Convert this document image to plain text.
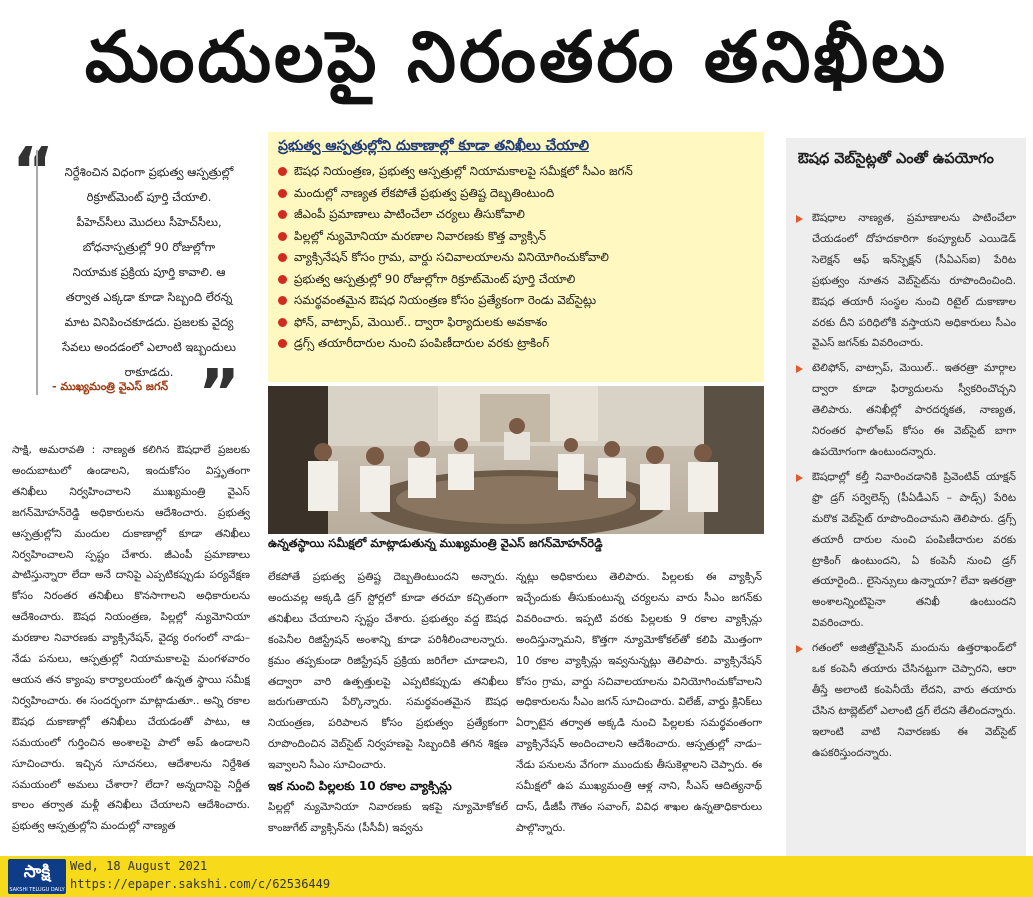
మందులపై నిరంతరం తనిఖీలు
“ నిర్దేశించిన విధంగా ప్రభుత్వ ఆస్పత్రుల్లో రిక్రూట్‌మెంట్‌ పూర్తి చేయాలి. పీహెచ్‌సీలు మొదలు సీహెచ్‌సీలు, బోధనాస్పత్రుల్లో 90 రోజుల్లోగా నియామక ప్రక్రియ పూర్తి కావాలి. ఆ తర్వాత ఎక్కడా కూడా సిబ్బంది లేరన్న మాట వినిపించకూడదు. ప్రజలకు వైద్య సేవలు అందడంలో ఎలాంటి ఇబ్బందులు రాకూడదు.
- ముఖ్యమంత్రి వైఎస్‌ జగన్‌ ”
సాక్షి, అమరావతి : నాణ్యత కలిగిన ఔషధాలే ప్రజలకు అందుబాటులో ఉండాలని, ఇందుకోసం విస్తృతంగా తనిఖీలు నిర్వహించాలని ముఖ్యమంత్రి వైఎస్‌ జగన్‌మోహన్‌రెడ్డి అధికారులను ఆదేశించారు. ప్రభుత్వ ఆస్పత్రుల్లోని మందుల దుకాణాల్లో కూడా తనిఖీలు నిర్వహించాలని స్పష్టం చేశారు. జీఎంపీ ప్రమాణాలు పాటిస్తున్నారా లేదా అనే దానిపై ఎప్పటికప్పుడు పర్యవేక్షణ కోసం నిరంతర తనిఖీలు కొనసాగాలని అధికారులను ఆదేశించారు. ఔషధ నియంత్రణ, పిల్లల్లో న్యుమోనియా మరణాల నివారణకు వ్యాక్సినేషన్‌, వైద్య రంగంలో నాడు–నేడు పనులు, ఆస్పత్రుల్లో నియామకాలపై మంగళవారం ఆయన తన క్యాంపు కార్యాలయంలో ఉన్నత స్థాయి సమీక్ష నిర్వహించారు. ఈ సందర్భంగా మాట్లాడుతూ.. అన్ని రకాల ఔషధ దుకాణాల్లో తనిఖీలు చేయడంతో పాటు, ఆ సమయంలో గుర్తించిన అంశాలపై పాలో అప్‌ ఉండాలని సూచించారు. ఇచ్చిన సూచనలు, ఆదేశాలను నిర్దేశిత సమయంలో అమలు చేశారా? లేదా? అన్నదానిపై నిర్ణీత కాలం తర్వాత మళ్లీ తనిఖీలు చేయాలని ఆదేశించారు. ప్రభుత్వ ఆస్పత్రుల్లోని మందుల్లో నాణ్యత
ప్రభుత్వ ఆస్పత్రుల్లోని దుకాణాల్లో కూడా తనిఖీలు చేయాలి
ఔషధ నియంత్రణ, ప్రభుత్వ ఆస్పత్రుల్లో నియామకాలపై సమీక్షలో సీఎం జగన్‌
మందుల్లో నాణ్యత లేకపోతే ప్రభుత్వ ప్రతిష్ట దెబ్బతింటుంది
జీఎంపీ ప్రమాణాలు పాటించేలా చర్యలు తీసుకోవాలి
పిల్లల్లో న్యుమోనియా మరణాల నివారణకు కొత్త వ్యాక్సిన్‌
వ్యాక్సినేషన్‌ కోసం గ్రామ, వార్డు సచివాలయాలను వినియోగించుకోవాలి
ప్రభుత్వ ఆస్పత్రుల్లో 90 రోజుల్లోగా రిక్రూట్‌మెంట్‌ పూర్తి చేయాలి
సమర్థవంతమైన ఔషధ నియంత్రణ కోసం ప్రత్యేకంగా రెండు వెబ్‌సైట్లు
ఫోన్‌, వాట్సాప్‌, మెయిల్‌.. ద్వారా ఫిర్యాదులకు అవకాశం
డ్రగ్స్‌ తయారీదారుల నుంచి పంపిణీదారుల వరకు ట్రాకింగ్‌
ఉన్నతస్థాయి సమీక్షలో మాట్లాడుతున్న ముఖ్యమంత్రి వైఎస్‌ జగన్‌మోహన్‌రెడ్డి
లేకపోతే ప్రభుత్వ ప్రతిష్ట దెబ్బతింటుందని అన్నారు. అందువల్ల అక్కడి డ్రగ్‌ స్టోర్లలో కూడా తరచూ కచ్చితంగా తనిఖీలు చేయాలని స్పష్టం చేశారు. ప్రభుత్వం వద్ద ఔషధ కంపెనీల రిజిస్ట్రేషన్‌ అంశాన్ని కూడా పరిశీలించాలన్నారు. క్రమం తప్పకుండా రిజిస్ట్రేషన్‌ ప్రక్రియ జరిగేలా చూడాలని, తద్వారా వారి ఉత్పత్తులపై ఎప్పటికప్పుడు తనిఖీలు జరుగుతాయని పేర్కొన్నారు. సమర్థవంతమైన ఔషధ నియంత్రణ, పరిపాలన కోసం ప్రభుత్వం ప్రత్యేకంగా రూపొందించిన వెబ్‌సైట్‌ నిర్వహణపై సిబ్బందికి తగిన శిక్షణ ఇవ్వాలని సీఎం సూచించారు.
ఇక నుంచి పిల్లలకు 10 రకాల వ్యాక్సిన్లు
పిల్లల్లో న్యుమోనియా నివారణకు ఇకపై న్యూమోకోకల్‌ కాంజుగేట్‌ వ్యాక్సిన్‌ను (పీసీవీ) ఇవ్వను
న్నట్లు అధికారులు తెలిపారు. పిల్లలకు ఈ వ్యాక్సిన్‌ ఇచ్చేందుకు తీసుకుంటున్న చర్యలను వారు సీఎం జగన్‌కు వివరించారు. ఇప్పటి వరకు పిల్లలకు 9 రకాల వ్యాక్సిన్లు అందిస్తున్నామని, కొత్తగా న్యూమోకోకల్‌తో కలిపి మొత్తంగా 10 రకాల వ్యాక్సిన్లు ఇవ్వనున్నట్లు తెలిపారు. వ్యాక్సినేషన్‌ కోసం గ్రామ, వార్డు సచివాలయాలను వినియోగించుకోవాలని అధికారులను సీఎం జగన్‌ సూచించారు. విలేజ్‌, వార్డు క్లినిక్‌లు ఏర్పాటైన తర్వాత అక్కడి నుంచి పిల్లలకు సమర్థవంతంగా వ్యాక్సినేషన్‌ అందించాలని ఆదేశించారు. ఆస్పత్రుల్లో నాడు–నేడు పనులను వేగంగా ముందుకు తీసుకెళ్లాలని చెప్పారు. ఈ సమీక్షలో ఉప ముఖ్యమంత్రి ఆళ్ల నాని, సీఎస్‌ ఆదిత్యనాథ్‌ దాస్‌, డీజీపీ గౌతం సవాంగ్‌, వివిధ శాఖల ఉన్నతాధికారులు పాల్గొన్నారు.
ఔషధ వెబ్‌సైట్లతో ఎంతో ఉపయోగం
ఔషధాల నాణ్యత, ప్రమాణాలను పాటించేలా చేయడంలో దోహదకారిగా కంప్యూటర్‌ ఎయిడెడ్‌ సెలెక్షన్‌ ఆఫ్‌ ఇన్‌స్పెక్షన్‌ (సీఏఎస్‌ఐ) పేరిట ప్రభుత్వం నూతన వెబ్‌సైట్‌ను రూపొందించింది. ఔషధ తయారీ సంస్థల నుంచి రిటైల్‌ దుకాణాల వరకు దీని పరిధిలోకి వస్తాయని అధికారులు సీఎం వైఎస్‌ జగన్‌కు వివరించారు.
టెలిఫోన్‌, వాట్సాప్‌, మెయిల్‌.. ఇతరత్రా మార్గాల ద్వారా కూడా ఫిర్యాదులను స్వీకరించొచ్చని తెలిపారు. తనిఖీల్లో పారదర్శకత, నాణ్యత, నిరంతర ఫాలోఅప్‌ కోసం ఈ వెబ్‌సైట్‌ బాగా ఉపయోగంగా ఉంటుందన్నారు.
ఔషధాల్లో కల్తీ నివారించడానికి ప్రివెంటివ్‌ యాక్షన్‌ ఫ్రొ డ్రగ్‌ సర్వెలెన్స్‌ (పీఏడీఎస్‌ – పాడ్స్‌) పేరిట మరొక వెబ్‌సైట్‌ రూపొందించామని తెలిపారు. డ్రగ్స్‌ తయారీ దారుల నుంచి పంపిణీదారుల వరకు ట్రాకింగ్‌ ఉంటుందని, ఏ కంపెనీ నుంచి డ్రగ్‌ తయారైంది.. లైసెన్సులు ఉన్నాయా? లేవా ఇతరత్రా అంశాలన్నింటిపైనా తనిఖీ ఉంటుందని వివరించారు.
గతంలో అజిత్రోమైసిన్‌ మందును ఉత్తరాఖండ్‌లో ఒక కంపెనీ తయారు చేసినట్టుగా చెప్పారని, ఆరా తీస్తే అలాంటి కంపెనీయే లేదని, వారు తయారు చేసిన టాబ్లెట్‌లో ఎలాంటి డ్రగ్‌ లేదని తేలిందన్నారు. ఇలాంటి వాటి నివారణకు ఈ వెబ్‌సైట్‌ ఉపకరిస్తుందన్నారు.
సాక్షి
SAKSHI TELUGU DAILY
Wed, 18 August 2021
https://epaper.sakshi.com/c/62536449
